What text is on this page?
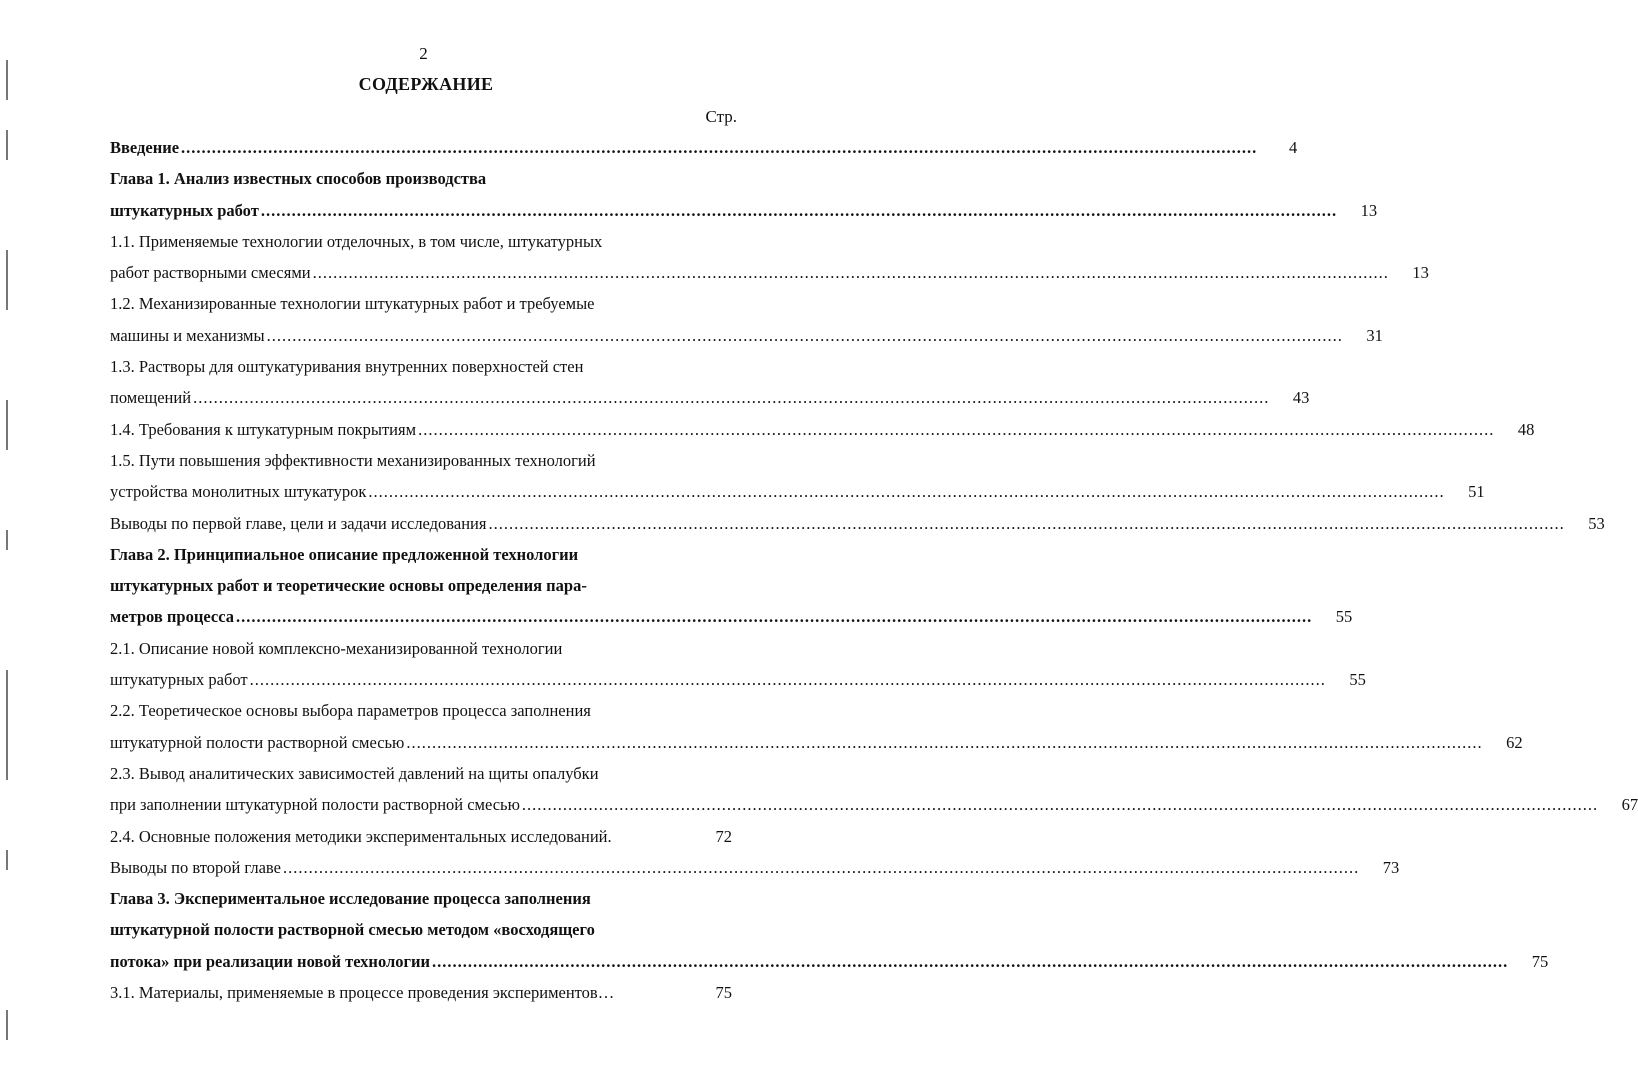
2
СОДЕРЖАНИЕ
Стр.
Введение .....	4
Глава 1. Анализ известных способов производства
штукатурных работ .....	13
1.1. Применяемые технологии отделочных, в том числе, штукатурных
работ растворными смесями .....	13
1.2. Механизированные технологии штукатурных работ и требуемые
машины и механизмы .....	31
1.3. Растворы для оштукатуривания внутренних поверхностей стен
помещений .....	43
1.4. Требования к штукатурным покрытиям .....	48
1.5. Пути повышения эффективности механизированных технологий
устройства монолитных штукатурок .....	51
Выводы по первой главе, цели и задачи исследования .....	53
Глава 2. Принципиальное описание предложенной технологии
штукатурных работ и теоретические основы определения пара-
метров процесса .....	55
2.1. Описание новой комплексно-механизированной технологии
штукатурных работ .....	55
2.2. Теоретическое основы выбора параметров процесса заполнения
штукатурной полости растворной смесью .....	62
2.3. Вывод аналитических зависимостей давлений на щиты опалубки
при заполнении штукатурной полости растворной смесью .....	67
2.4. Основные положения методики экспериментальных исследований.	72
Выводы по второй главе .....	73
Глава 3. Экспериментальное исследование процесса заполнения
штукатурной полости растворной смесью методом «восходящего
потока» при реализации новой технологии .....	75
3.1. Материалы, применяемые в процессе проведения экспериментов…	75
